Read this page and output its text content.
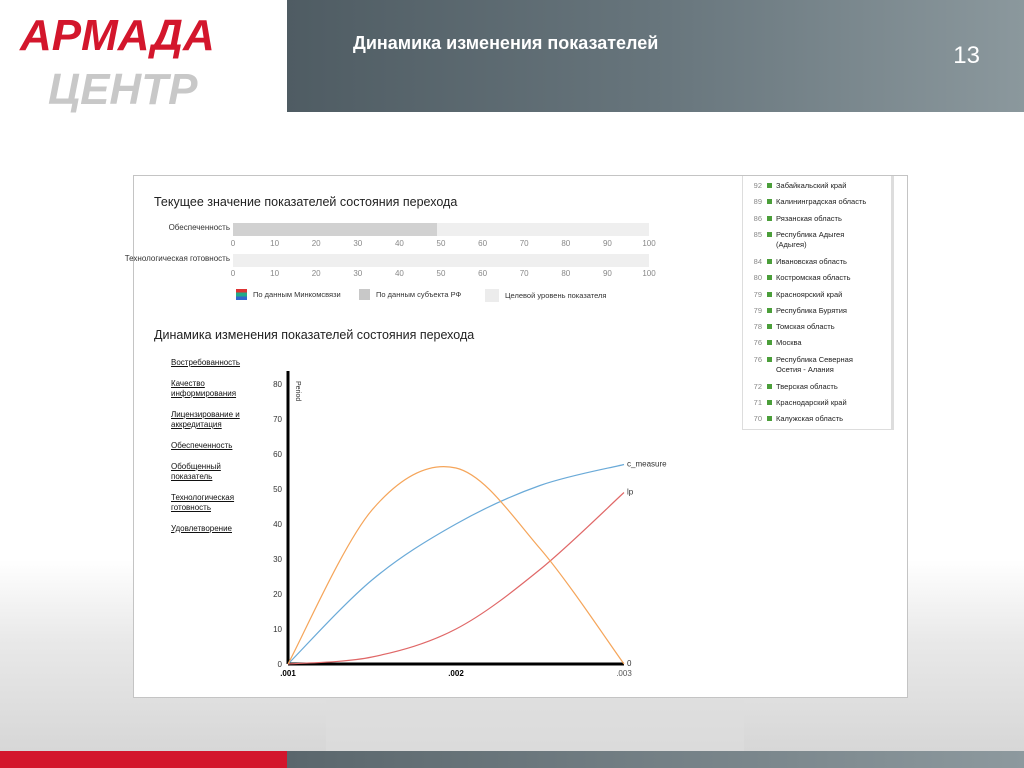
АРМАДА
ЦЕНТР
Динамика изменения показателей	13
Текущее значение показателей состояния перехода
Обеспеченность
0	10	20	30	40	50	60	70	80	90	100
Технологическая готовность
0	10	20	30	40	50	60	70	80	90	100
По данным Минкомсвязи	По данным субъекта РФ	Целевой уровень показателя
Динамика изменения показателей состояния перехода
Востребованность
Качество информирования
Лицензирование и аккредитация
Обеспеченность
Обобщенный показатель
Технологическая готовность
Удовлетворение
0
10
20
30
40
50
60
70
80
.001	.002	.003
Period
0
c_measure
lp
92 Забайкальский край
89 Калининградская область
86 Рязанская область
85 Республика Адыгея (Адыгея)
84 Ивановская область
80 Костромская область
79 Красноярский край
79 Республика Бурятия
78 Томская область
76 Москва
76 Республика Северная Осетия - Алания
72 Тверская область
71 Краснодарский край
70 Калужская область
